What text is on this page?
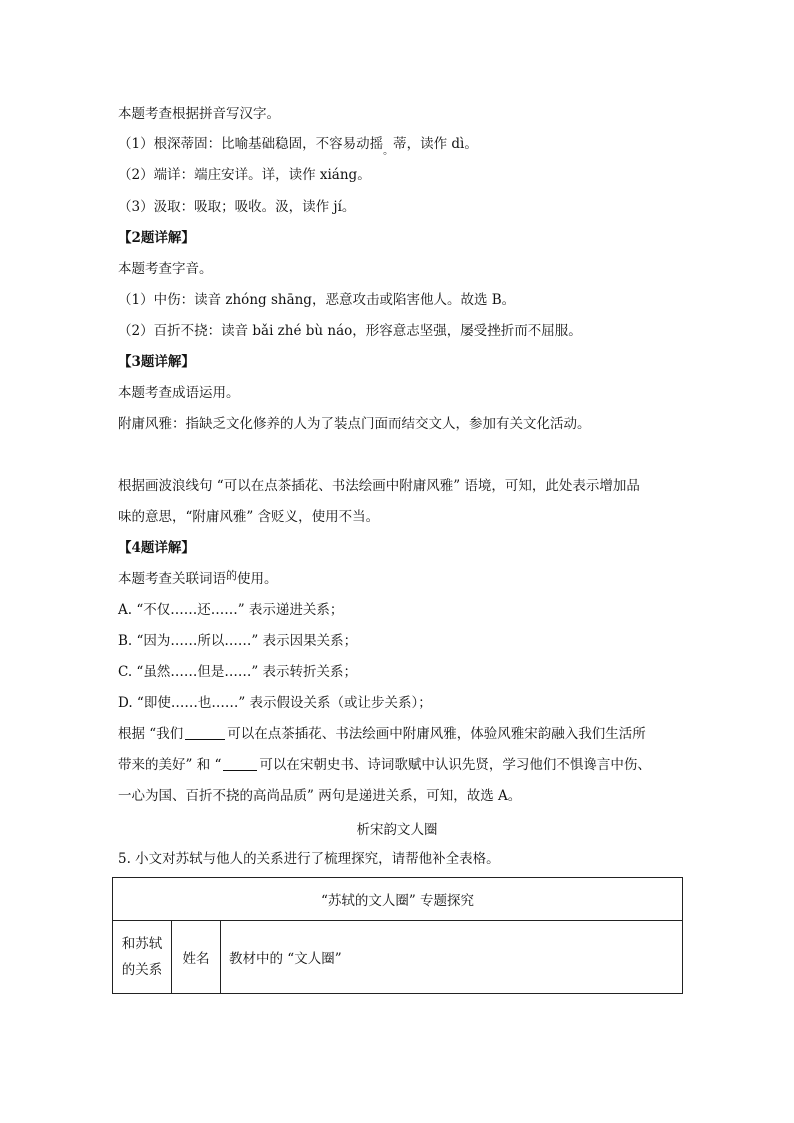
本题考查根据拼音写汉字。
（1）根深蒂固：比喻基础稳固，不容易动摇$_。$蒂，读作 dì。
（2）端详：端庄安详。详，读作 xiáng。
（3）汲取：吸取；吸收。汲，读作 jí。
【2题详解】
本题考查字音。
（1）中伤：读音 zhóng shāng，恶意攻击或陷害他人。故选 B。
（2）百折不挠：读音 bǎi zhé bù náo，形容意志坚强，屡受挫折而不屈服。
【3题详解】
本题考查成语运用。
附庸风雅：指缺乏文化修养的人为了装点门面而结交文人，参加有关文化活动。
根据画波浪线句 “可以在点茶插花、书法绘画中附庸风雅” 语境，可知，此处表示增加品
味的意思，“附庸风雅” 含贬义，使用不当。
【4题详解】
本题考查关联词语$^的$使用。
A. “不仅……还……” 表示递进关系；
B. “因为……所以……” 表示因果关系；
C. “虽然……但是……” 表示转折关系；
D. “即使……也……” 表示假设关系（或让步关系）；
根据 “我们	可以在点茶插花、书法绘画中附庸风雅，体验风雅宋韵融入我们生活所
带来的美好” 和 “	可以在宋朝史书、诗词歌赋中认识先贤，学习他们不惧谗言中伤、
一心为国、百折不挠的高尚品质” 两句是递进关系，可知，故选 A。
析宋韵文人圈
5. 小文对苏轼与他人的关系进行了梳理探究，请帮他补全表格。
“苏轼的文人圈” 专题探究
和苏轼
的关系	姓名	教材中的 “文人圈”
